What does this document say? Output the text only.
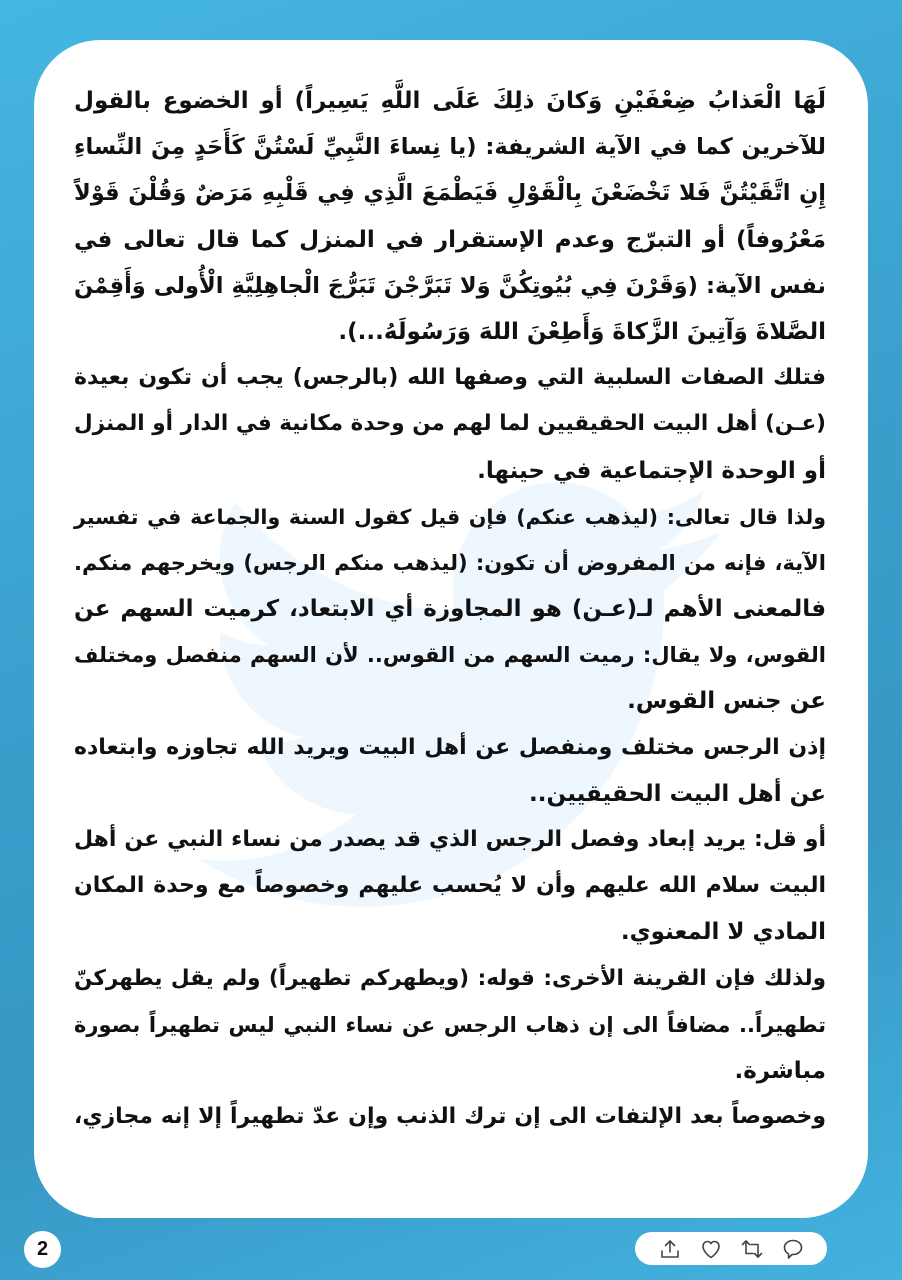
لَهَا الْعَذابُ ضِعْفَيْنِ وَكانَ ذلِكَ عَلَى اللَّهِ يَسِيراً) أو الخضوع بالقول
للآخرين كما في الآية الشريفة: (يا نِساءَ النَّبِيِّ لَسْتُنَّ كَأَحَدٍ مِنَ النِّساءِ
إِنِ اتَّقَيْتُنَّ فَلا تَخْضَعْنَ بِالْقَوْلِ فَيَطْمَعَ الَّذِي فِي قَلْبِهِ مَرَضٌ وَقُلْنَ قَوْلاً
مَعْرُوفاً) أو التبرّج وعدم الإستقرار في المنزل كما قال تعالى في
نفس الآية: (وَقَرْنَ فِي بُيُوتِكُنَّ وَلا تَبَرَّجْنَ تَبَرُّجَ الْجاهِلِيَّةِ الْأُولى وَأَقِمْنَ
الصَّلاةَ وَآتِينَ الزَّكاةَ وَأَطِعْنَ اللهَ وَرَسُولَهُ...).
فتلك الصفات السلبية التي وصفها الله (بالرجس) يجب أن تكون بعيدة
(عـن) أهل البيت الحقيقيين لما لهم من وحدة مكانية في الدار أو المنزل
أو الوحدة الإجتماعية في حينها.
ولذا قال تعالى: (ليذهب عنكم) فإن قيل كقول السنة والجماعة في تفسير
الآية، فإنه من المفروض أن تكون: (ليذهب منكم الرجس) ويخرجهم منكم.
فالمعنى الأهم لـ(عـن) هو المجاوزة أي الابتعاد، كرميت السهم عن
القوس، ولا يقال: رميت السهم من القوس.. لأن السهم منفصل ومختلف
عن جنس القوس.
إذن الرجس مختلف ومنفصل عن أهل البيت ويريد الله تجاوزه وابتعاده
عن أهل البيت الحقيقيين..
أو قل: يريد إبعاد وفصل الرجس الذي قد يصدر من نساء النبي عن أهل
البيت سلام الله عليهم وأن لا يُحسب عليهم وخصوصاً مع وحدة المكان
المادي لا المعنوي.
ولذلك فإن القرينة الأخرى: قوله: (ويطهركم تطهيراً) ولم يقل يطهركنّ
تطهيراً.. مضافاً الى إن ذهاب الرجس عن نساء النبي ليس تطهيراً بصورة
مباشرة.
وخصوصاً بعد الإلتفات الى إن ترك الذنب وإن عدّ تطهيراً إلا إنه مجازي،
2
